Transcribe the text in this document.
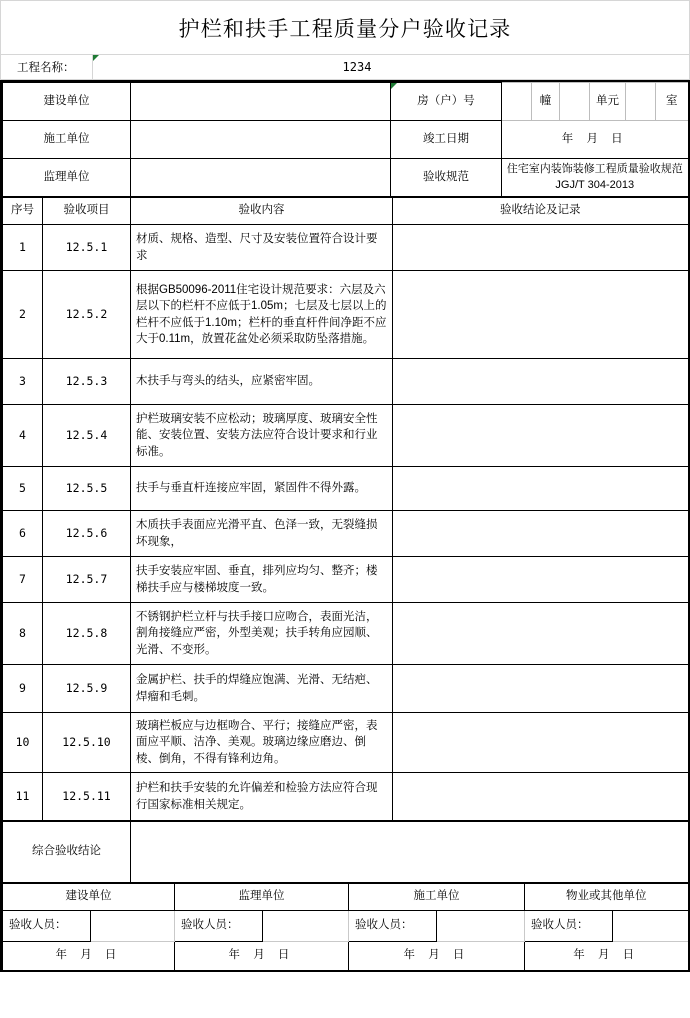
护栏和扶手工程质量分户验收记录
工程名称：	1234
建设单位		房（户）号		幢		单元		室
施工单位		竣工日期	年 月 日					
监理单位		验收规范	住宅室内装饰装修工程质量验收规范JGJ/T 304-2013					
序号	验收项目	验收内容	验收结论及记录
1	12.5.1	材质、规格、造型、尺寸及安装位置符合设计要求	
2	12.5.2	根据GB50096-2011住宅设计规范要求：六层及六层以下的栏杆不应低于1.05m；七层及七层以上的栏杆不应低于1.10m；栏杆的垂直杆件间净距不应大于0.11m，放置花盆处必须采取防坠落措施。	
3	12.5.3	木扶手与弯头的结头，应紧密牢固。	
4	12.5.4	护栏玻璃安装不应松动；玻璃厚度、玻璃安全性能、安装位置、安装方法应符合设计要求和行业标准。	
5	12.5.5	扶手与垂直杆连接应牢固，紧固件不得外露。	
6	12.5.6	木质扶手表面应光滑平直、色泽一致，无裂缝损坏现象，	
7	12.5.7	扶手安装应牢固、垂直，排列应均匀、整齐；楼梯扶手应与楼梯坡度一致。	
8	12.5.8	不锈钢护栏立杆与扶手接口应吻合，表面光洁，割角接缝应严密，外型美观；扶手转角应园顺、光滑、不变形。	
9	12.5.9	金属护栏、扶手的焊缝应饱满、光滑、无结疤、焊瘤和毛刺。	
10	12.5.10	玻璃栏板应与边框吻合、平行；接缝应严密，表面应平顺、洁净、美观。玻璃边缘应磨边、倒棱、倒角，不得有锋利边角。	
11	12.5.11	护栏和扶手安装的允许偏差和检验方法应符合现行国家标准相关规定。	
综合验收结论	
建设单位		监理单位		施工单位		物业或其他单位	
验收人员：		验收人员：		验收人员：		验收人员：	
年 月 日		年 月 日		年 月 日		年 月 日	
